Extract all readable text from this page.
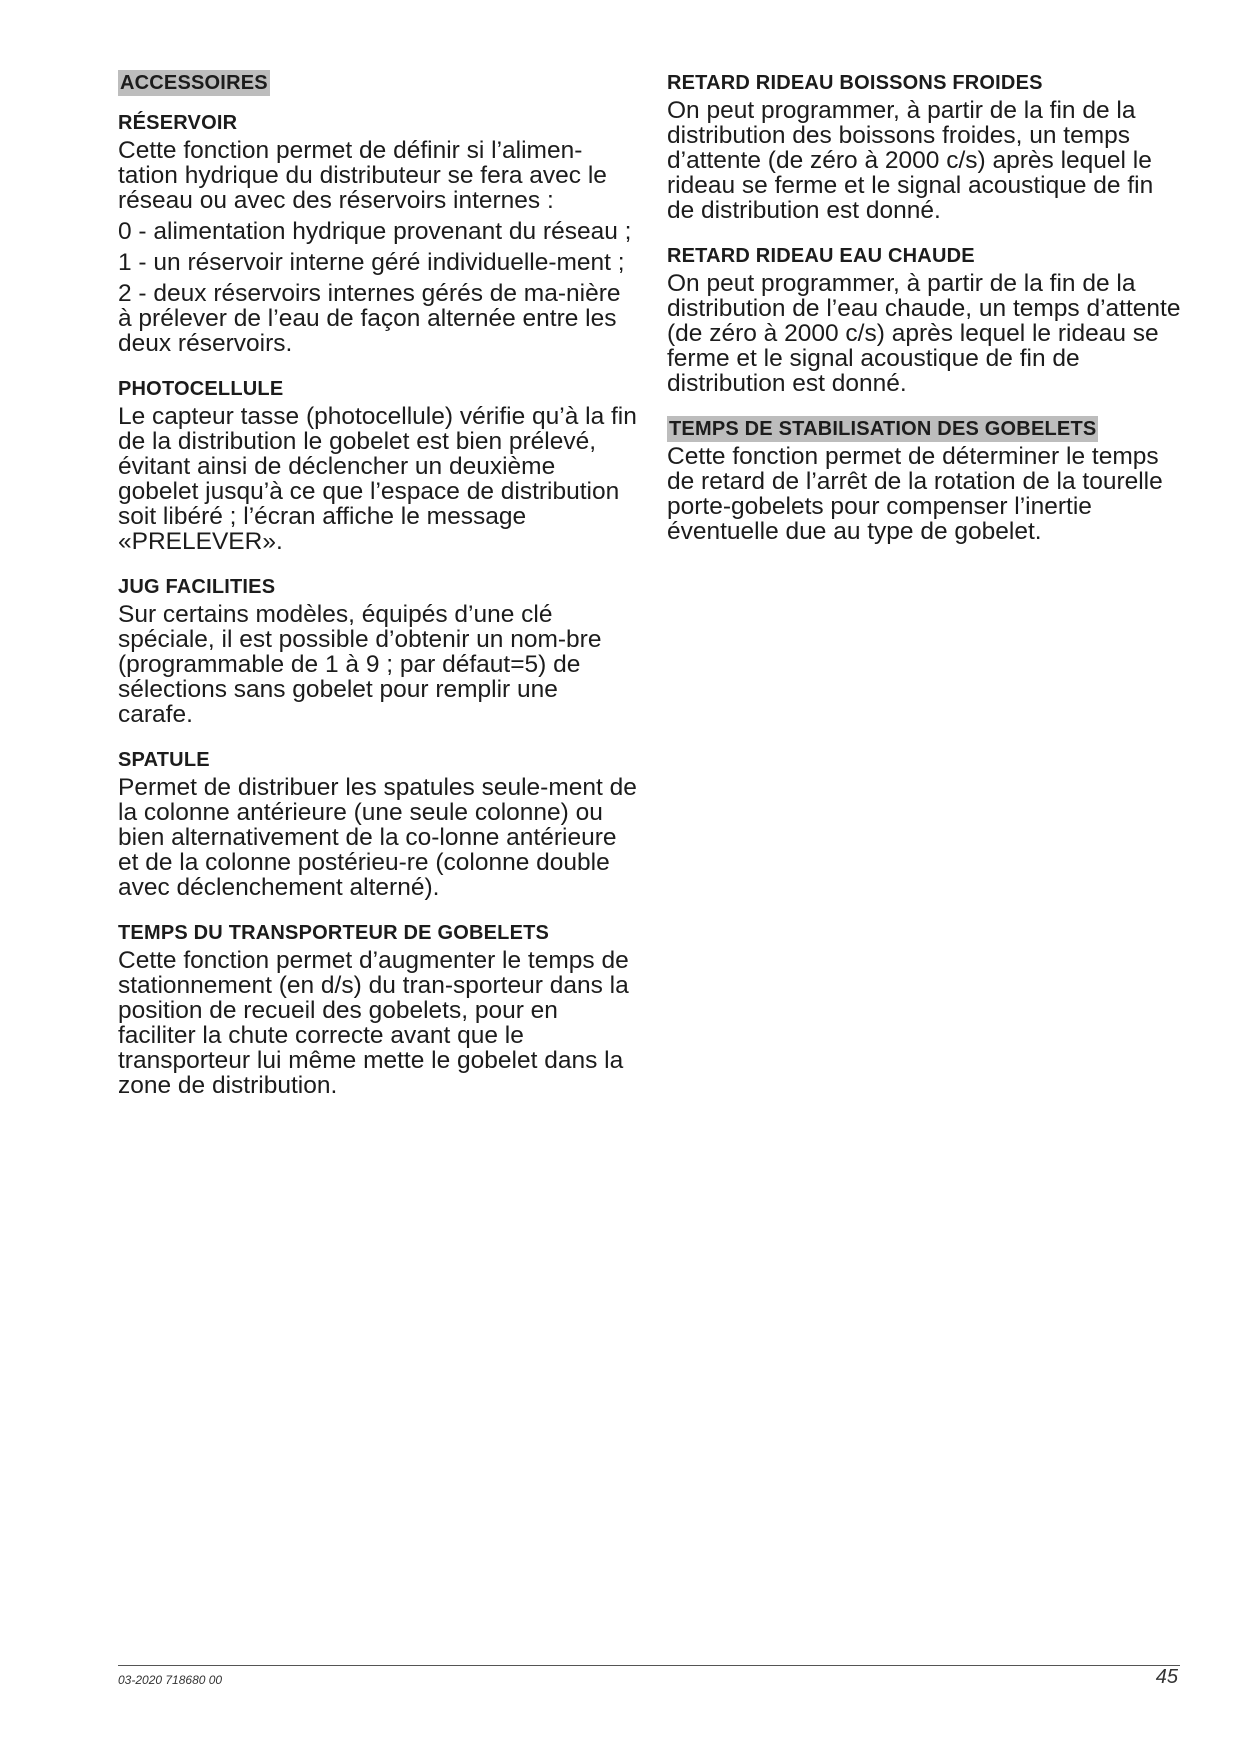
ACCESSOIRES
RÉSERVOIR

Cette fonction permet de définir si l’alimen-tation hydrique du distributeur se fera avec le réseau ou avec des réservoirs internes :

0 - alimentation hydrique provenant du réseau ;

1 - un réservoir interne géré individuelle-ment ;

2 - deux réservoirs internes gérés de ma-nière à prélever de l’eau de façon alternée entre les deux réservoirs.

PHOTOCELLULE

Le capteur tasse (photocellule) vérifie qu’à la fin de la distribution le gobelet est bien prélevé, évitant ainsi de déclencher un deuxième gobelet jusqu’à ce que l’espace de distribution soit libéré ; l’écran affiche le message «PRELEVER».

JUG FACILITIES

Sur certains modèles, équipés d’une clé spéciale, il est possible d’obtenir un nom-bre (programmable de 1 à 9 ; par défaut=5) de sélections sans gobelet pour remplir une carafe.

SPATULE

Permet de distribuer les spatules seule-ment de la colonne antérieure (une seule colonne) ou bien alternativement de la co-lonne antérieure et de la colonne postérieu-re (colonne double avec déclenchement alterné).

TEMPS DU TRANSPORTEUR DE GOBELETS

Cette fonction permet d’augmenter le temps de stationnement (en d/s) du tran-sporteur dans la position de recueil des gobelets, pour en faciliter la chute correcte avant que le transporteur lui même mette le gobelet dans la zone de distribution.

RETARD RIDEAU BOISSONS FROIDES

On peut programmer, à partir de la fin de la distribution des boissons froides, un temps d’attente (de zéro à 2000 c/s) après lequel le rideau se ferme et le signal acoustique de fin de distribution est donné.

RETARD RIDEAU EAU CHAUDE

On peut programmer, à partir de la fin de la distribution de l’eau chaude, un temps d’attente (de zéro à 2000 c/s) après lequel le rideau se ferme et le signal acoustique de fin de distribution est donné.

TEMPS DE STABILISATION DES GOBELETS

Cette fonction permet de déterminer le temps de retard de l’arrêt de la rotation de la tourelle porte-gobelets pour compenser l’inertie éventuelle due au type de gobelet.

03-2020 718680 00	45
